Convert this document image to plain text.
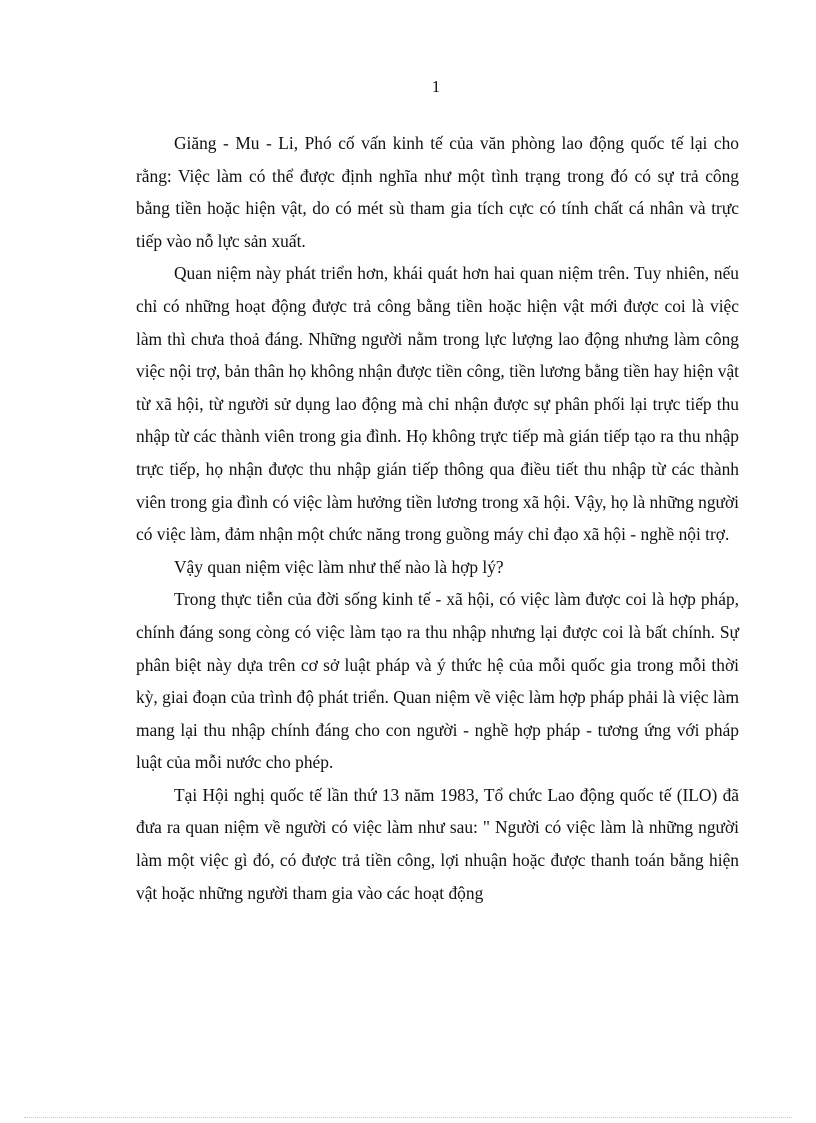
1

Giăng - Mu - Li, Phó cố vấn kinh tế của văn phòng lao động quốc tế lại cho rằng: Việc làm có thể được định nghĩa như một tình trạng trong đó có sự trả công bằng tiền hoặc hiện vật, do có mét sù tham gia tích cực có tính chất cá nhân và trực tiếp vào nỗ lực sản xuất.

Quan niệm này phát triển hơn, khái quát hơn hai quan niệm trên. Tuy nhiên, nếu chỉ có những hoạt động được trả công bằng tiền hoặc hiện vật mới được coi là việc làm thì chưa thoả đáng. Những người nằm trong lực lượng lao động nhưng làm công việc nội trợ, bản thân họ không nhận được tiền công, tiền lương bằng tiền hay hiện vật từ xã hội, từ người sử dụng lao động mà chỉ nhận được sự phân phối lại trực tiếp thu nhập từ các thành viên trong gia đình. Họ không trực tiếp mà gián tiếp tạo ra thu nhập trực tiếp, họ nhận được thu nhập gián tiếp thông qua điều tiết thu nhập từ các thành viên trong gia đình có việc làm hưởng tiền lương trong xã hội. Vậy, họ là những người có việc làm, đảm nhận một chức năng trong guồng máy chỉ đạo xã hội - nghề nội trợ.

Vậy quan niệm việc làm như thế nào là hợp lý?

Trong thực tiễn của đời sống kinh tế - xã hội, có việc làm được coi là hợp pháp, chính đáng song còng có việc làm tạo ra thu nhập nhưng lại được coi là bất chính. Sự phân biệt này dựa trên cơ sở luật pháp và ý thức hệ của mỗi quốc gia trong mỗi thời kỳ, giai đoạn của trình độ phát triển. Quan niệm về việc làm hợp pháp phải là việc làm mang lại thu nhập chính đáng cho con người - nghề hợp pháp - tương ứng với pháp luật của mỗi nước cho phép.

Tại Hội nghị quốc tế lần thứ 13 năm 1983, Tổ chức Lao động quốc tế (ILO) đã đưa ra quan niệm về người có việc làm như sau: " Người có việc làm là những người làm một việc gì đó, có được trả tiền công, lợi nhuận hoặc được thanh toán bằng hiện vật hoặc những người tham gia vào các hoạt động
